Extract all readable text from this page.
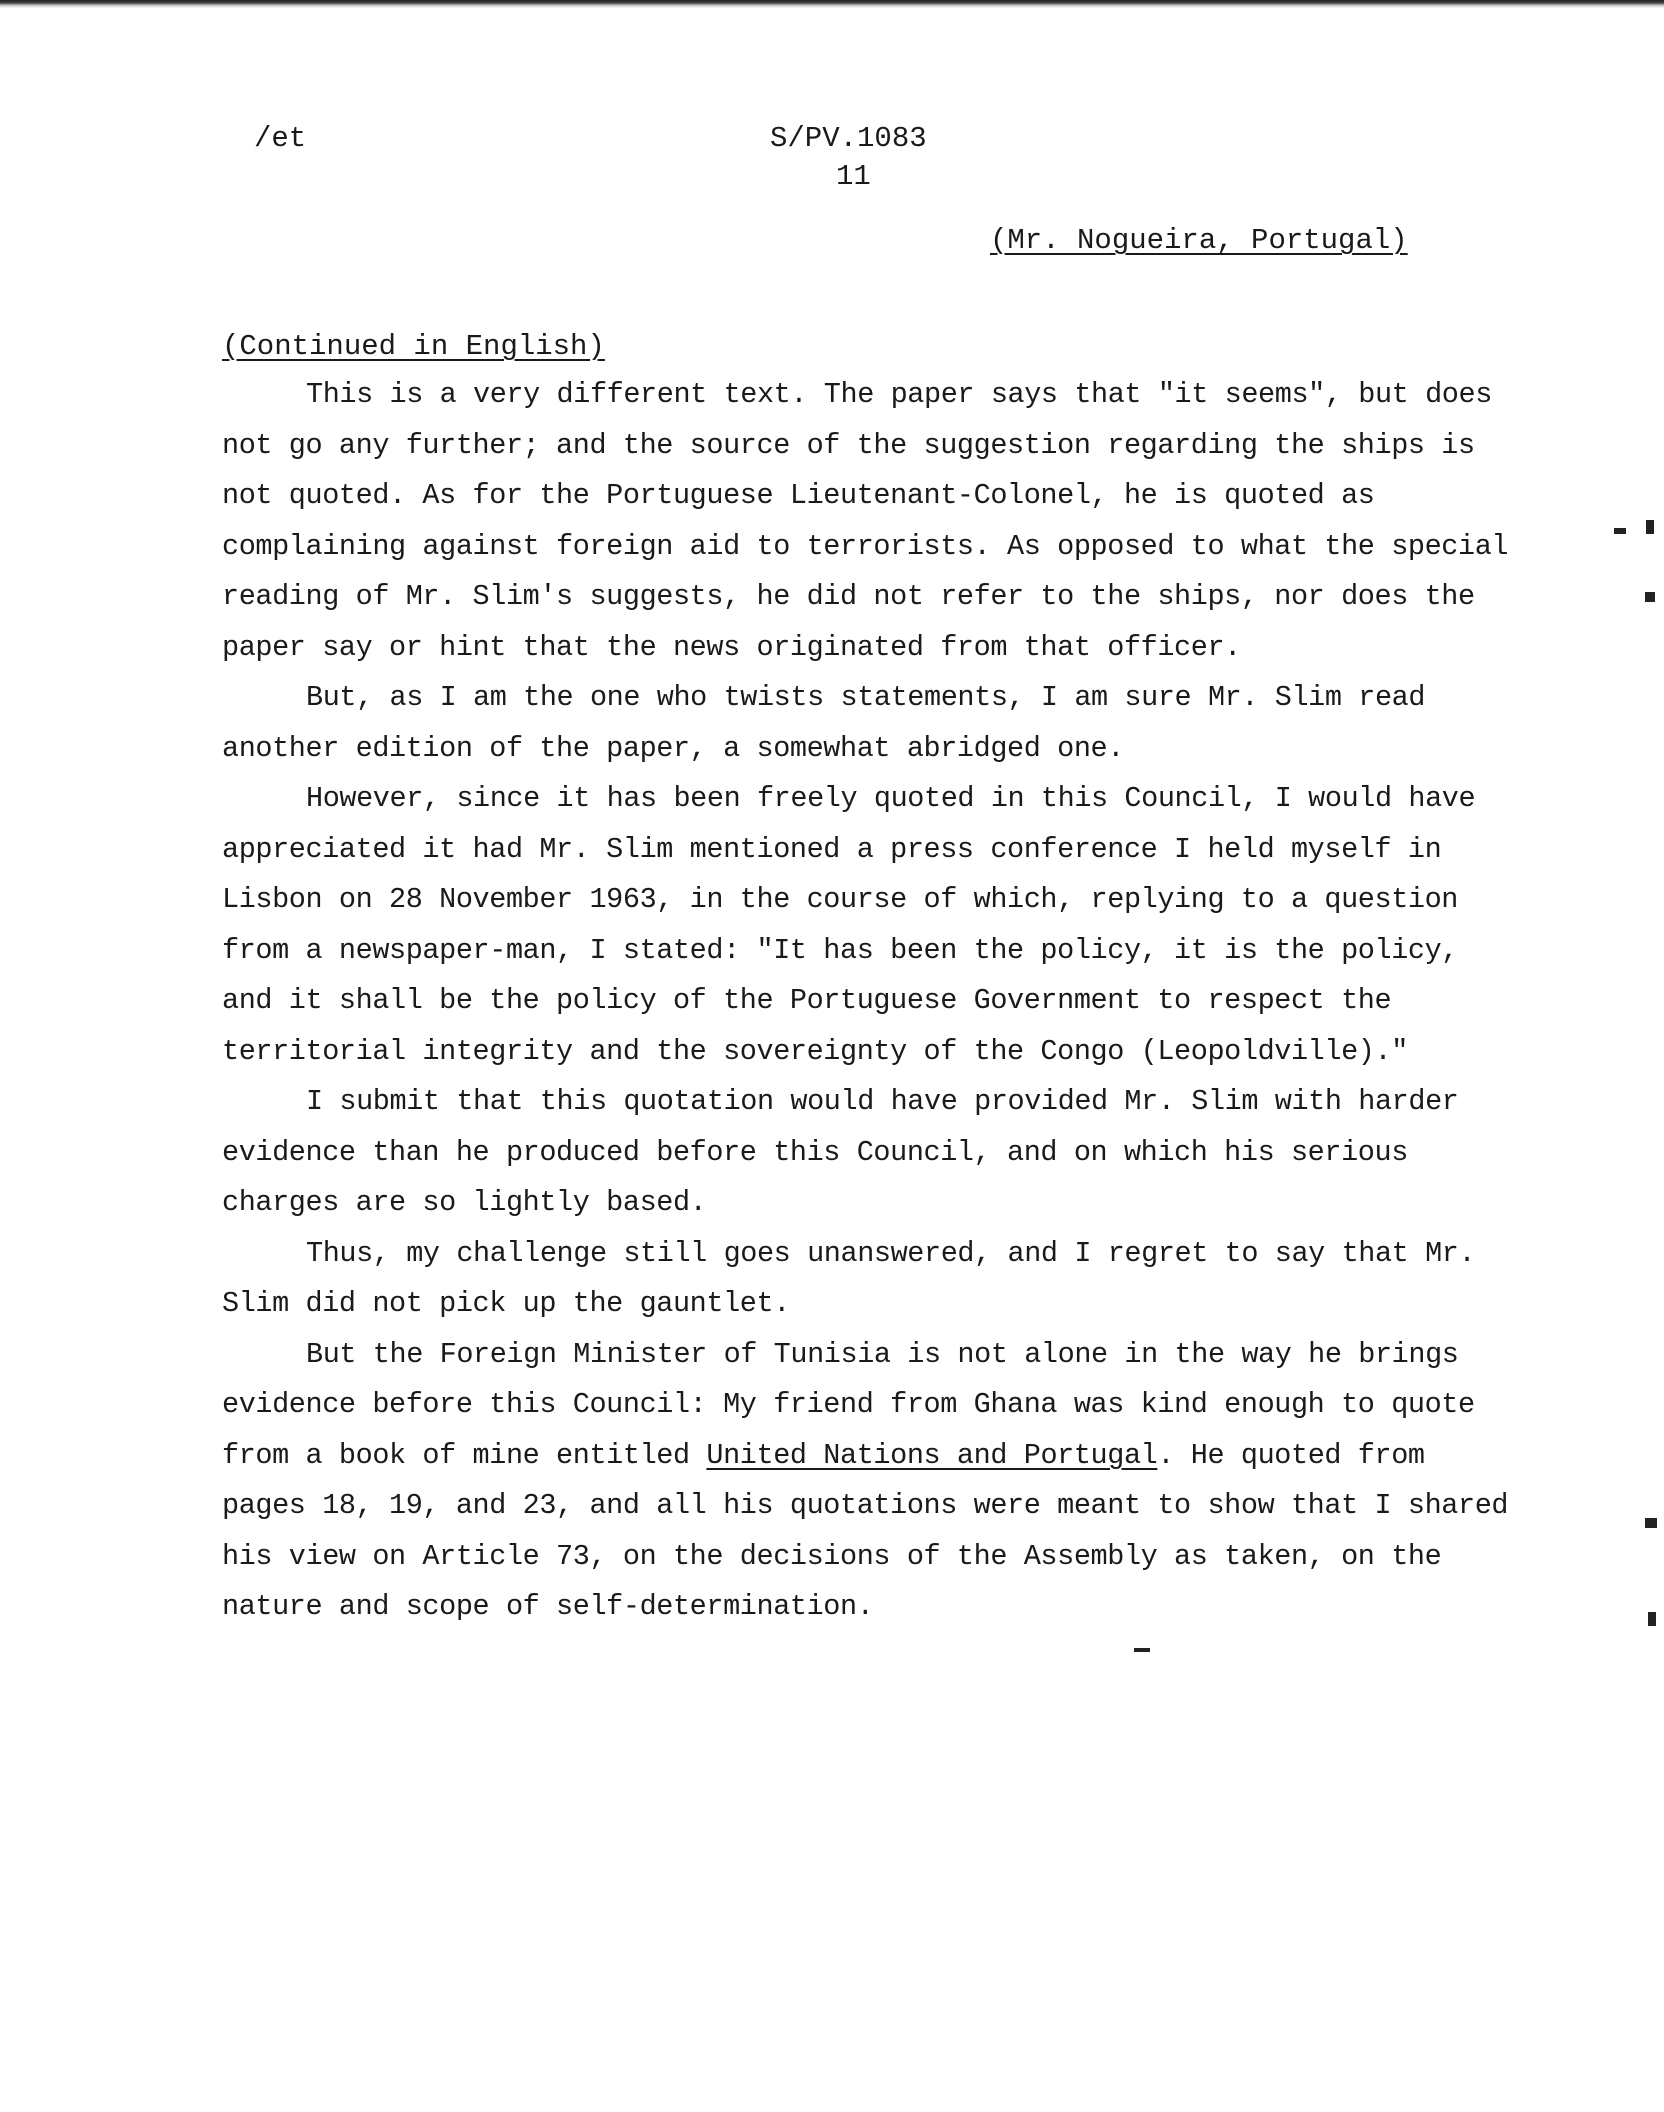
/et	S/PV.1083
11
(Mr. Nogueira, Portugal)
(Continued in English)

This is a very different text. The paper says that "it seems", but does not go any further; and the source of the suggestion regarding the ships is not quoted. As for the Portuguese Lieutenant-Colonel, he is quoted as complaining against foreign aid to terrorists. As opposed to what the special reading of Mr. Slim's suggests, he did not refer to the ships, nor does the paper say or hint that the news originated from that officer.

But, as I am the one who twists statements, I am sure Mr. Slim read another edition of the paper, a somewhat abridged one.

However, since it has been freely quoted in this Council, I would have appreciated it had Mr. Slim mentioned a press conference I held myself in Lisbon on 28 November 1963, in the course of which, replying to a question from a newspaper-man, I stated: "It has been the policy, it is the policy, and it shall be the policy of the Portuguese Government to respect the territorial integrity and the sovereignty of the Congo (Leopoldville)."

I submit that this quotation would have provided Mr. Slim with harder evidence than he produced before this Council, and on which his serious charges are so lightly based.

Thus, my challenge still goes unanswered, and I regret to say that Mr. Slim did not pick up the gauntlet.

But the Foreign Minister of Tunisia is not alone in the way he brings evidence before this Council: My friend from Ghana was kind enough to quote from a book of mine entitled United Nations and Portugal. He quoted from pages 18, 19, and 23, and all his quotations were meant to show that I shared his view on Article 73, on the decisions of the Assembly as taken, on the nature and scope of self-determination.
